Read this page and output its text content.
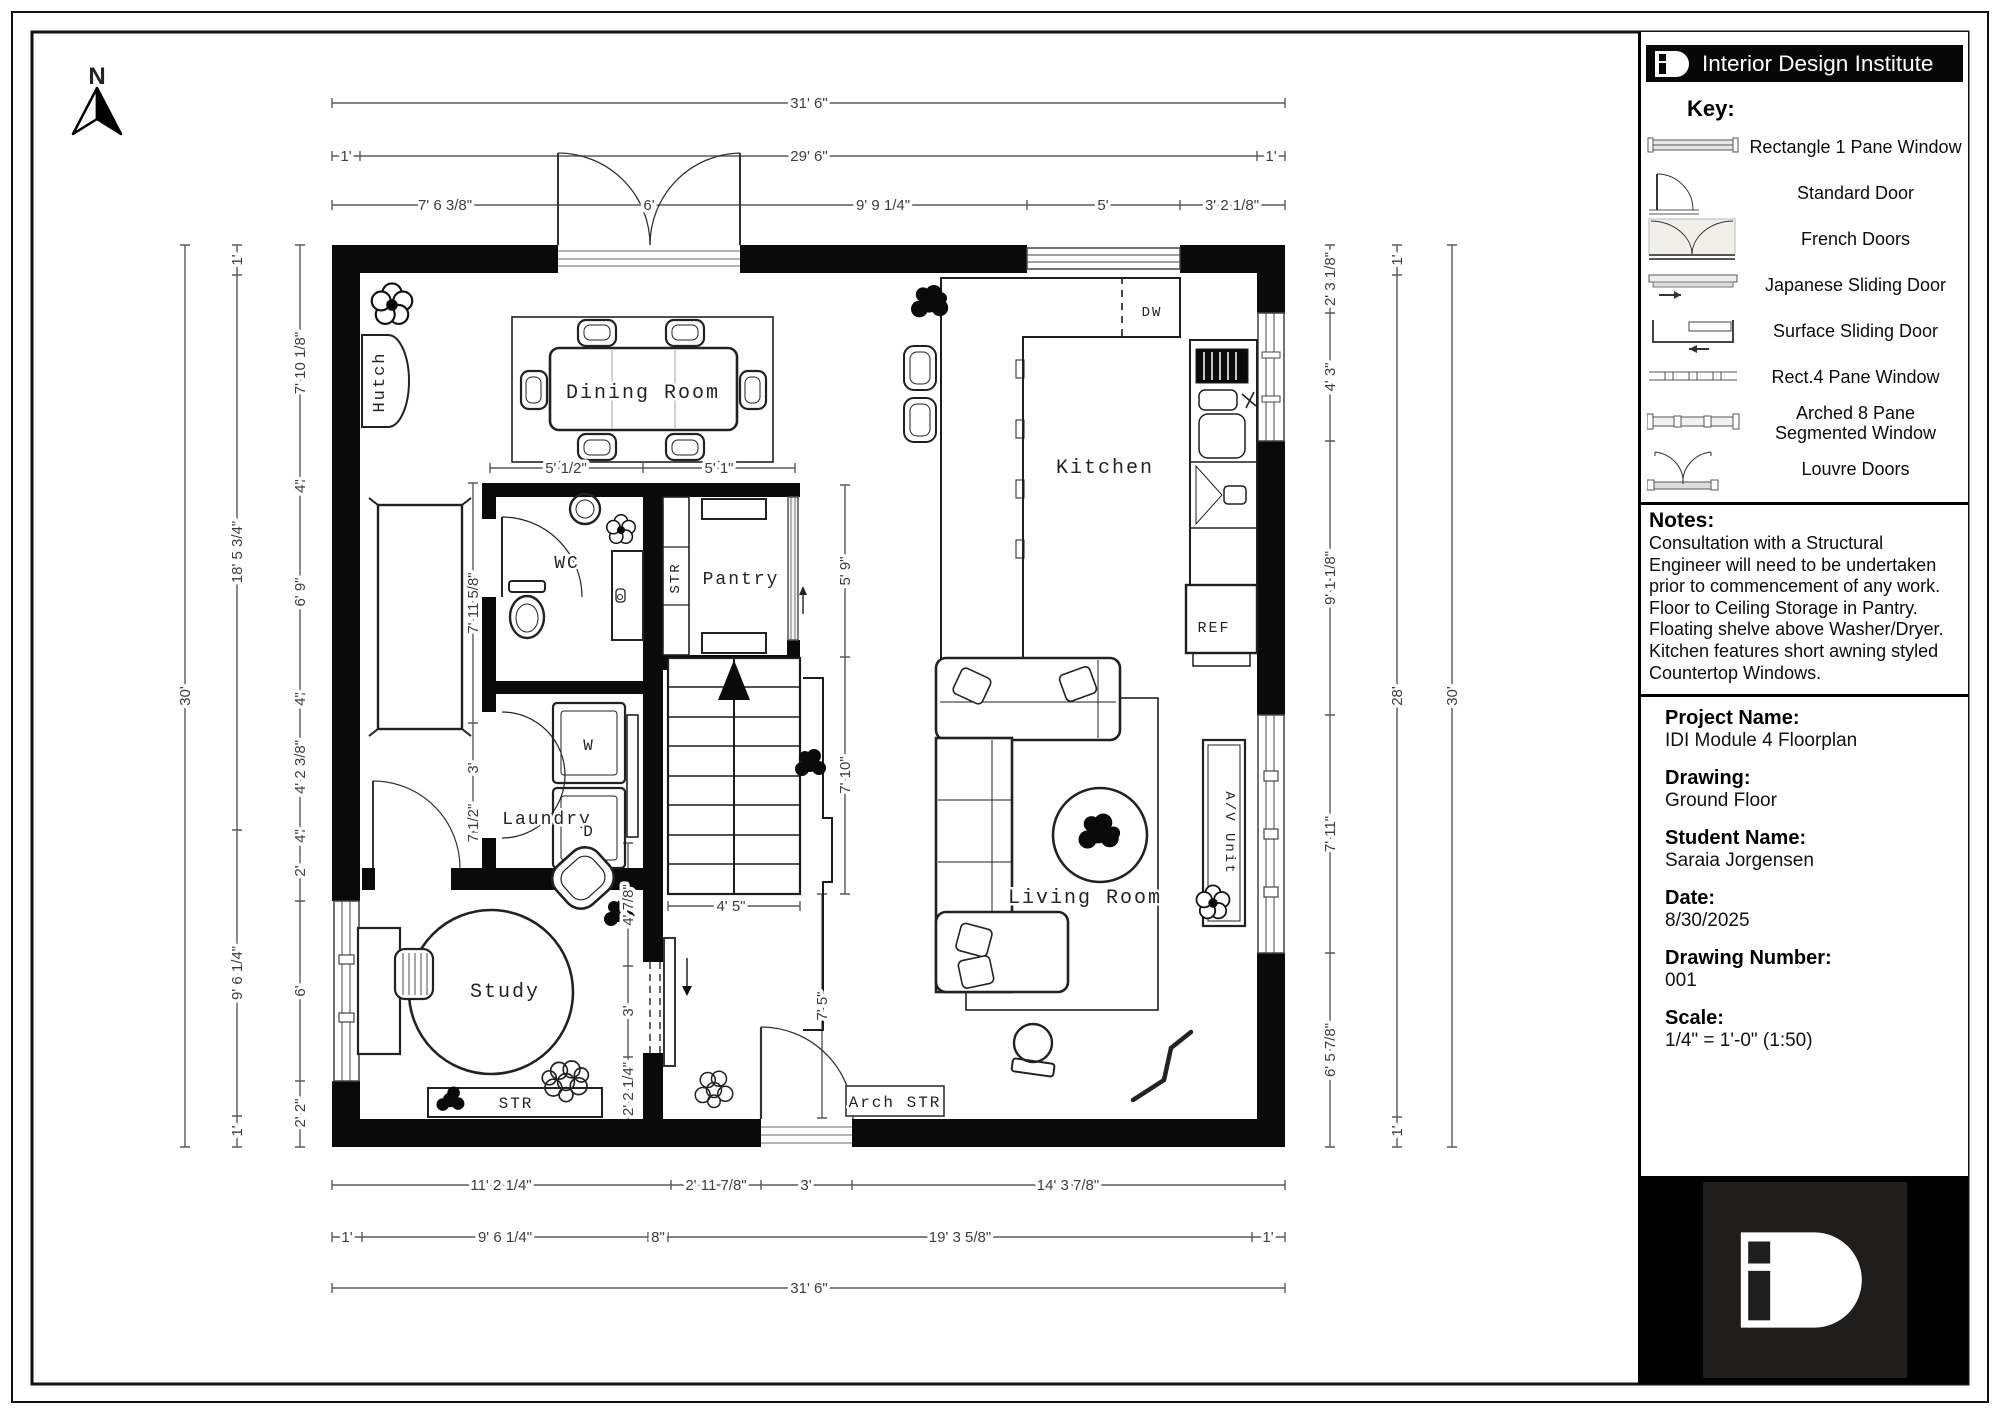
31' 6"
1'	29' 6"	1'
7' 6 3/8"	6'	9' 9 1/4"	5'	3' 2 1/8"
30'
1'
18' 5 3/4"
9' 6 1/4"
1'
7' 10 1/8"
4"
6' 9"
4"
4' 2 3/8"
4"
2'
6'
2' 2"
2' 3 1/8"
4' 3"
9' 1 1/8"
7' 11"
6' 5 7/8"
1'
28'
1'
30'
11' 2 1/4"	2' 11 7/8"	3'	14' 3 7/8"
1'	9' 6 1/4"	8"	19' 3 5/8"	1'
31' 6"
5' 1/2"	5' 1"
7' 11 5/8"
3'
7 1/2"
4' 7/8"
3'
2' 2 1/4"
5' 9"
7' 10"
7' 5"
4' 5"
Dining Room
Kitchen
Living Room
Study
WC
Pantry
Laundry
Hutch
STR
W
D
STR	Arch STR
A/V Unit
DW
REF
N	Interior Design Institute
Key:
Rectangle 1 Pane Window
Standard Door
French Doors
Japanese Sliding Door
Surface Sliding Door
Rect.4 Pane Window
Arched 8 Pane Segmented Window
Louvre Doors
Notes:
Consultation with a Structural Engineer will need to be undertaken prior to commencement of any work.
Floor to Ceiling Storage in Pantry.
Floating shelve above Washer/Dryer.
Kitchen features short awning styled Countertop Windows.
Project Name:
IDI Module 4 Floorplan
Drawing:
Ground Floor
Student Name:
Saraia Jorgensen
Date:
8/30/2025
Drawing Number:
001
Scale:
1/4" = 1'-0" (1:50)
